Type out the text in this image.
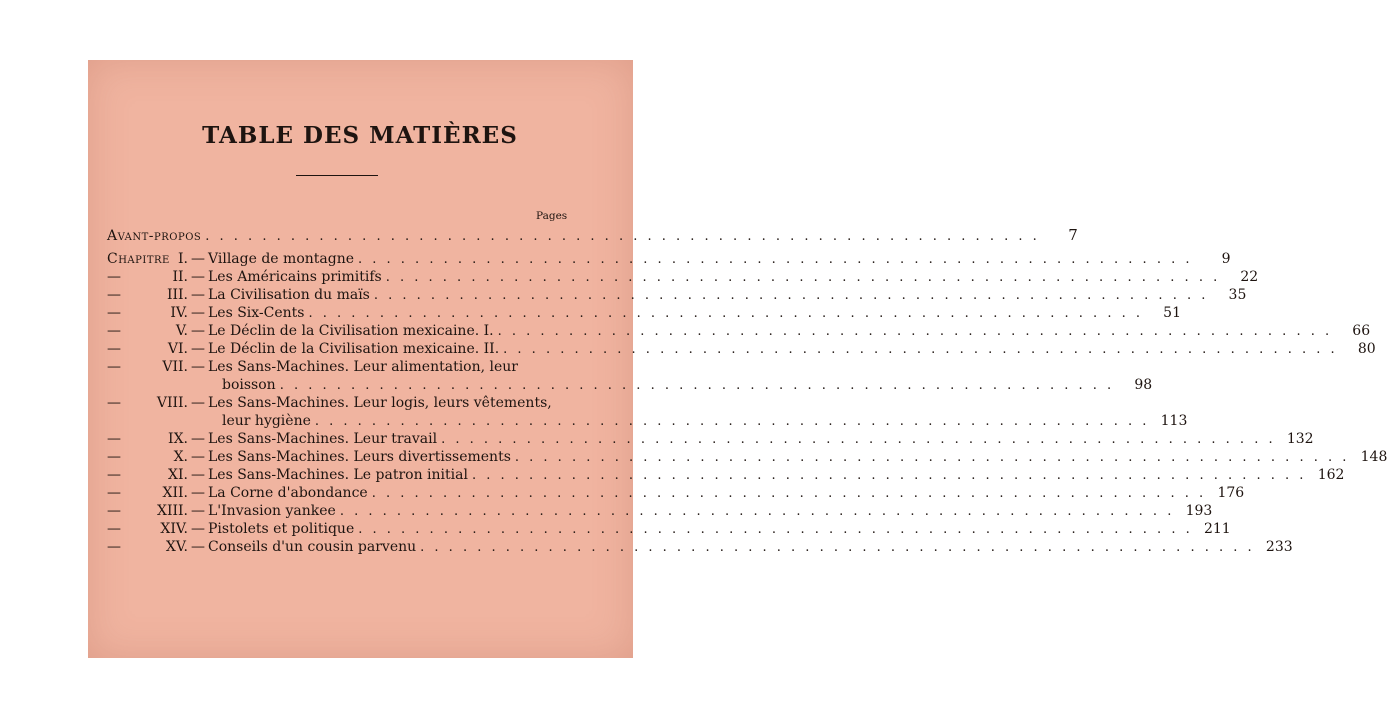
TABLE DES MATIÈRES
Pages
Avant-propos . . . . . . . . . . . . . . . . . . . . . . . . . . . . . . . . . . . . . . . . . . . . . . . . . . . . . . . . . . .	7
Chapitre I. — Village de montagne . . . . . . . . . . . . . . . . . . . . . . . . . . . . . . . . . . . . . . . . . . . . . . . . . . . . . . . . . . .	9
—	II. — Les Américains primitifs . . . . . . . . . . . . . . . . . . . . . . . . . . . . . . . . . . . . . . . . . . . . . . . . . . . . . . . . . . .	22
—	III. — La Civilisation du maïs . . . . . . . . . . . . . . . . . . . . . . . . . . . . . . . . . . . . . . . . . . . . . . . . . . . . . . . . . . .	35
—	IV. — Les Six-Cents . . . . . . . . . . . . . . . . . . . . . . . . . . . . . . . . . . . . . . . . . . . . . . . . . . . . . . . . . . .	51
—	V. — Le Déclin de la Civilisation mexicaine. I. . . . . . . . . . . . . . . . . . . . . . . . . . . . . . . . . . . . . . . . . . . . . . . . . . . . . . . . . . . .	66
—	VI. — Le Déclin de la Civilisation mexicaine. II. . . . . . . . . . . . . . . . . . . . . . . . . . . . . . . . . . . . . . . . . . . . . . . . . . . . . . . . . . . .	80
—	VII. — Les Sans-Machines. Leur alimentation, leur
boisson . . . . . . . . . . . . . . . . . . . . . . . . . . . . . . . . . . . . . . . . . . . . . . . . . . . . . . . . . . .	98
—	VIII. — Les Sans-Machines. Leur logis, leurs vêtements,
leur hygiène . . . . . . . . . . . . . . . . . . . . . . . . . . . . . . . . . . . . . . . . . . . . . . . . . . . . . . . . . . . 113
—	IX. — Les Sans-Machines. Leur travail . . . . . . . . . . . . . . . . . . . . . . . . . . . . . . . . . . . . . . . . . . . . . . . . . . . . . . . . . . . 132
—	X. — Les Sans-Machines. Leurs divertissements . . . . . . . . . . . . . . . . . . . . . . . . . . . . . . . . . . . . . . . . . . . . . . . . . . . . . . . . . . . 148
—	XI. — Les Sans-Machines. Le patron initial . . . . . . . . . . . . . . . . . . . . . . . . . . . . . . . . . . . . . . . . . . . . . . . . . . . . . . . . . . . 162
—	XII. — La Corne d'abondance . . . . . . . . . . . . . . . . . . . . . . . . . . . . . . . . . . . . . . . . . . . . . . . . . . . . . . . . . . . 176
—	XIII. — L'Invasion yankee . . . . . . . . . . . . . . . . . . . . . . . . . . . . . . . . . . . . . . . . . . . . . . . . . . . . . . . . . . . 193
—	XIV. — Pistolets et politique . . . . . . . . . . . . . . . . . . . . . . . . . . . . . . . . . . . . . . . . . . . . . . . . . . . . . . . . . . . 211
—	XV. — Conseils d'un cousin parvenu . . . . . . . . . . . . . . . . . . . . . . . . . . . . . . . . . . . . . . . . . . . . . . . . . . . . . . . . . . . 233
